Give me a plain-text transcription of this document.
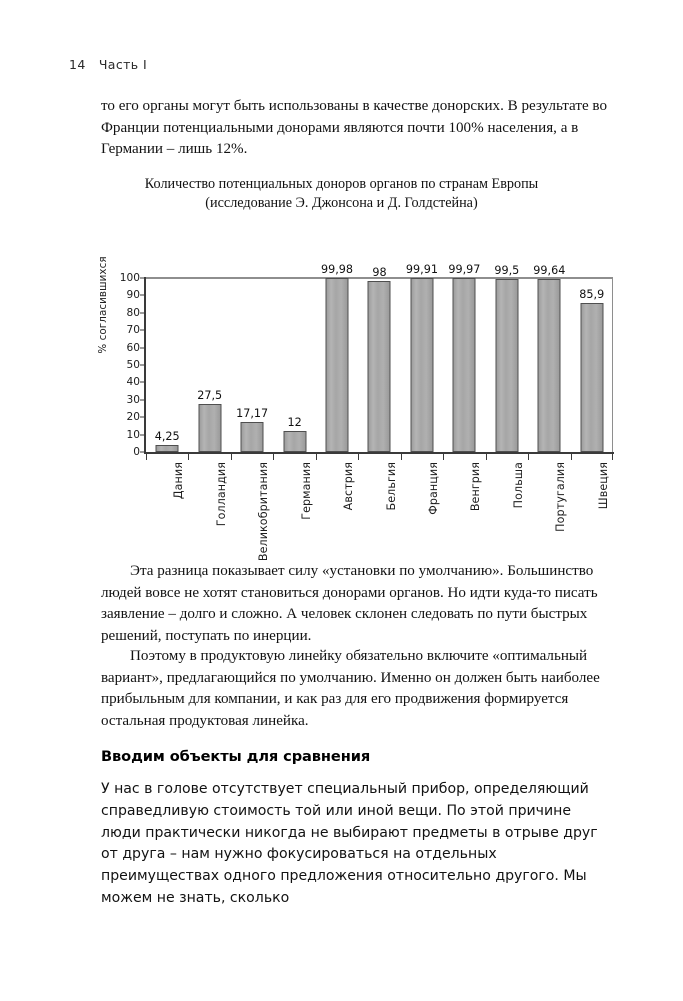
14   Часть I

то его органы могут быть использованы в качестве донорских. В результате во Франции потенциальными донорами являются почти 100% населения, а в Германии – лишь 12%.

Количество потенциальных доноров органов по странам Европы
(исследование Э. Джонсона и Д. Голдстейна)
% согласившихся
0
10
20
30
40
50
60
70
80
90
100
4,25
27,5
17,17
12
99,98 98 99,91 99,97 99,5 99,64
85,9
Дания	Голландия	Великобритания	Германия	Австрия	Бельгия	Франция	Венгрия	Польша	Португалия	Швеция

Эта разница показывает силу «установки по умолчанию». Большинство людей вовсе не хотят становиться донорами органов. Но идти куда-то писать заявление – долго и сложно. А человек склонен следовать по пути быстрых решений, поступать по инерции.

Поэтому в продуктовую линейку обязательно включите «оптимальный вариант», предлагающийся по умолчанию. Именно он должен быть наиболее прибыльным для компании, и как раз для его продвижения формируется остальная продуктовая линейка.

Вводим объекты для сравнения

У нас в голове отсутствует специальный прибор, определяющий справедливую стоимость той или иной вещи. По этой причине люди практически никогда не выбирают предметы в отрыве друг от друга – нам нужно фокусироваться на отдельных преимуществах одного предложения относительно другого. Мы можем не знать, сколько
